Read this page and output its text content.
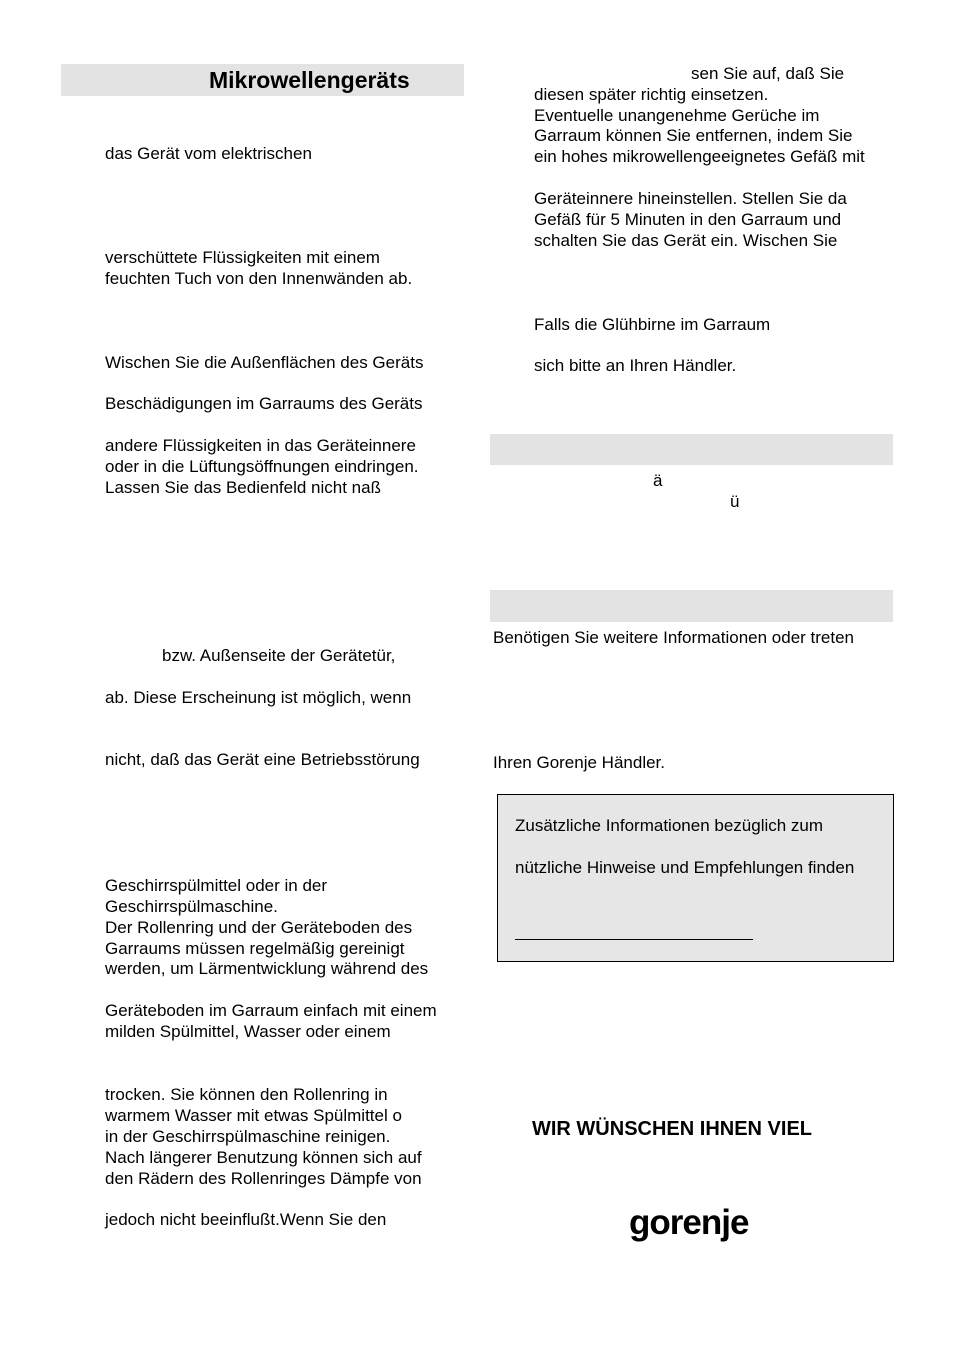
Mikrowellengeräts
das Gerät vom elektrischen
verschüttete Flüssigkeiten mit einem
feuchten Tuch von den Innenwänden ab.
Wischen Sie die Außenflächen des Geräts
Beschädigungen im Garraums des Geräts
andere Flüssigkeiten in das Geräteinnere
oder in die Lüftungsöffnungen eindringen.
Lassen Sie das Bedienfeld nicht naß
bzw. Außenseite der Gerätetür,
ab. Diese Erscheinung ist möglich, wenn
nicht, daß das Gerät eine Betriebsstörung
Geschirrspülmittel oder in der
Geschirrspülmaschine.
Der Rollenring und der Geräteboden des
Garraums müssen regelmäßig gereinigt
werden, um Lärmentwicklung während des
Geräteboden im Garraum einfach mit einem
milden Spülmittel, Wasser oder einem
trocken. Sie können den Rollenring in
warmem Wasser mit etwas Spülmittel o
in der Geschirrspülmaschine reinigen.
Nach längerer Benutzung können sich auf
den Rädern des Rollenringes Dämpfe von
jedoch nicht beeinflußt.Wenn Sie den
sen Sie auf, daß Sie
diesen später richtig einsetzen.
Eventuelle unangenehme Gerüche im
Garraum können Sie entfernen, indem Sie
ein hohes mikrowellengeeignetes Gefäß mit
Geräteinnere hineinstellen. Stellen Sie da
Gefäß für 5 Minuten in den Garraum und
schalten Sie das Gerät ein. Wischen Sie
Falls die Glühbirne im Garraum
sich bitte an Ihren Händler.
ä
ü
Benötigen Sie weitere Informationen oder treten
Ihren Gorenje Händler.
Zusätzliche Informationen bezüglich zum
nützliche Hinweise und Empfehlungen finden
WIR WÜNSCHEN IHNEN VIEL
gorenje
